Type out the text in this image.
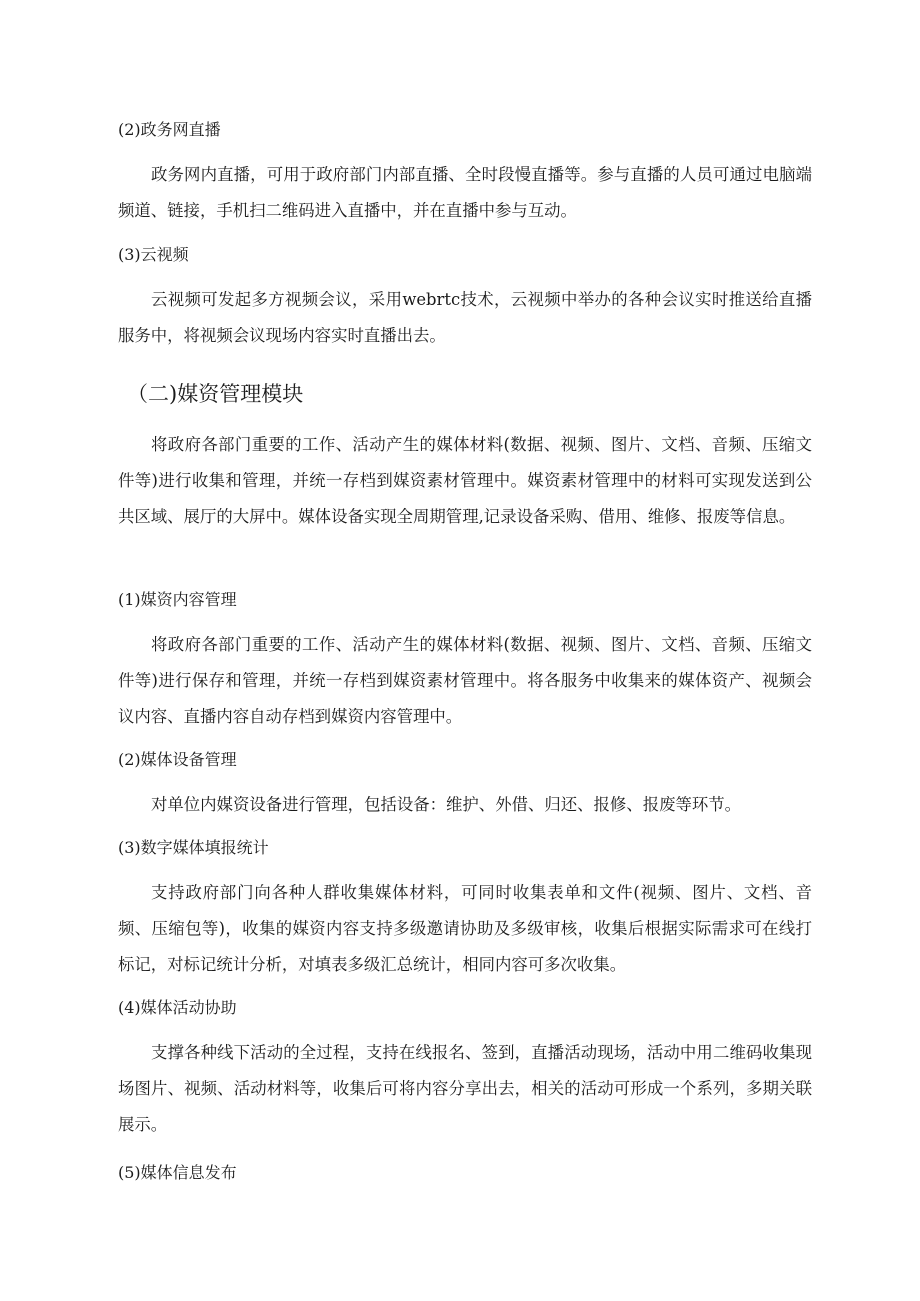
(2)政务网直播
政务网内直播，可用于政府部门内部直播、全时段慢直播等。参与直播的人员可通过电脑端频道、链接，手机扫二维码进入直播中，并在直播中参与互动。
(3)云视频
云视频可发起多方视频会议，采用webrtc技术，云视频中举办的各种会议实时推送给直播服务中，将视频会议现场内容实时直播出去。
（二)媒资管理模块
将政府各部门重要的工作、活动产生的媒体材料(数据、视频、图片、文档、音频、压缩文件等)进行收集和管理，并统一存档到媒资素材管理中。媒资素材管理中的材料可实现发送到公共区域、展厅的大屏中。媒体设备实现全周期管理,记录设备采购、借用、维修、报废等信息。
(1)媒资内容管理
将政府各部门重要的工作、活动产生的媒体材料(数据、视频、图片、文档、音频、压缩文件等)进行保存和管理，并统一存档到媒资素材管理中。将各服务中收集来的媒体资产、视频会议内容、直播内容自动存档到媒资内容管理中。
(2)媒体设备管理
对单位内媒资设备进行管理，包括设备：维护、外借、归还、报修、报废等环节。
(3)数字媒体填报统计
支持政府部门向各种人群收集媒体材料，可同时收集表单和文件(视频、图片、文档、音频、压缩包等)，收集的媒资内容支持多级邀请协助及多级审核，收集后根据实际需求可在线打标记，对标记统计分析，对填表多级汇总统计，相同内容可多次收集。
(4)媒体活动协助
支撑各种线下活动的全过程，支持在线报名、签到，直播活动现场，活动中用二维码收集现场图片、视频、活动材料等，收集后可将内容分享出去，相关的活动可形成一个系列，多期关联展示。
(5)媒体信息发布
